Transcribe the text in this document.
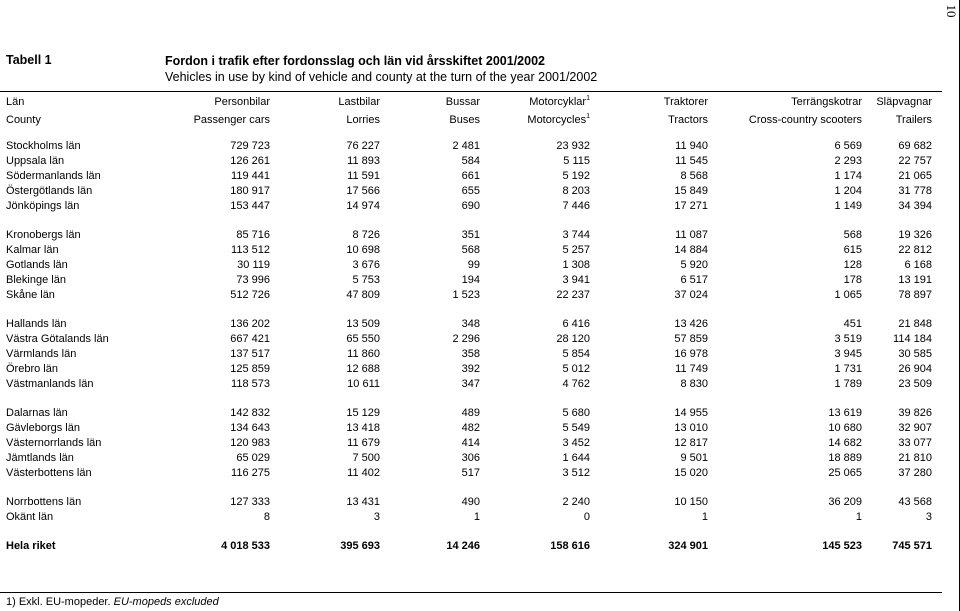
10
Tabell 1	Fordon i trafik efter fordonsslag och län vid årsskiftet 2001/2002
Vehicles in use by kind of vehicle and county at the turn of the year 2001/2002
Län	Personbilar	Lastbilar	Bussar	Motorcyklar$^1$	Traktorer	Terrängskotrar	Släpvagnar
County	Passenger cars	Lorries	Buses	Motorcycles$^1$	Tractors	Cross-country scooters	Trailers

Stockholms län	729 723	76 227	2 481	23 932	11 940	6 569	69 682
Uppsala län	126 261	11 893	584	5 115	11 545	2 293	22 757
Södermanlands län	119 441	11 591	661	5 192	8 568	1 174	21 065
Östergötlands län	180 917	17 566	655	8 203	15 849	1 204	31 778
Jönköpings län	153 447	14 974	690	7 446	17 271	1 149	34 394

Kronobergs län	85 716	8 726	351	3 744	11 087	568	19 326
Kalmar län	113 512	10 698	568	5 257	14 884	615	22 812
Gotlands län	30 119	3 676	99	1 308	5 920	128	6 168
Blekinge län	73 996	5 753	194	3 941	6 517	178	13 191
Skåne län	512 726	47 809	1 523	22 237	37 024	1 065	78 897

Hallands län	136 202	13 509	348	6 416	13 426	451	21 848
Västra Götalands län	667 421	65 550	2 296	28 120	57 859	3 519	114 184
Värmlands län	137 517	11 860	358	5 854	16 978	3 945	30 585
Örebro län	125 859	12 688	392	5 012	11 749	1 731	26 904
Västmanlands län	118 573	10 611	347	4 762	8 830	1 789	23 509

Dalarnas län	142 832	15 129	489	5 680	14 955	13 619	39 826
Gävleborgs län	134 643	13 418	482	5 549	13 010	10 680	32 907
Västernorrlands län	120 983	11 679	414	3 452	12 817	14 682	33 077
Jämtlands län	65 029	7 500	306	1 644	9 501	18 889	21 810
Västerbottens län	116 275	11 402	517	3 512	15 020	25 065	37 280

Norrbottens län	127 333	13 431	490	2 240	10 150	36 209	43 568
Okänt län	8	3	1	0	1	1	3

Hela riket	4 018 533	395 693	14 246	158 616	324 901	145 523	745 571
1) Exkl. EU-mopeder. EU-mopeds excluded
